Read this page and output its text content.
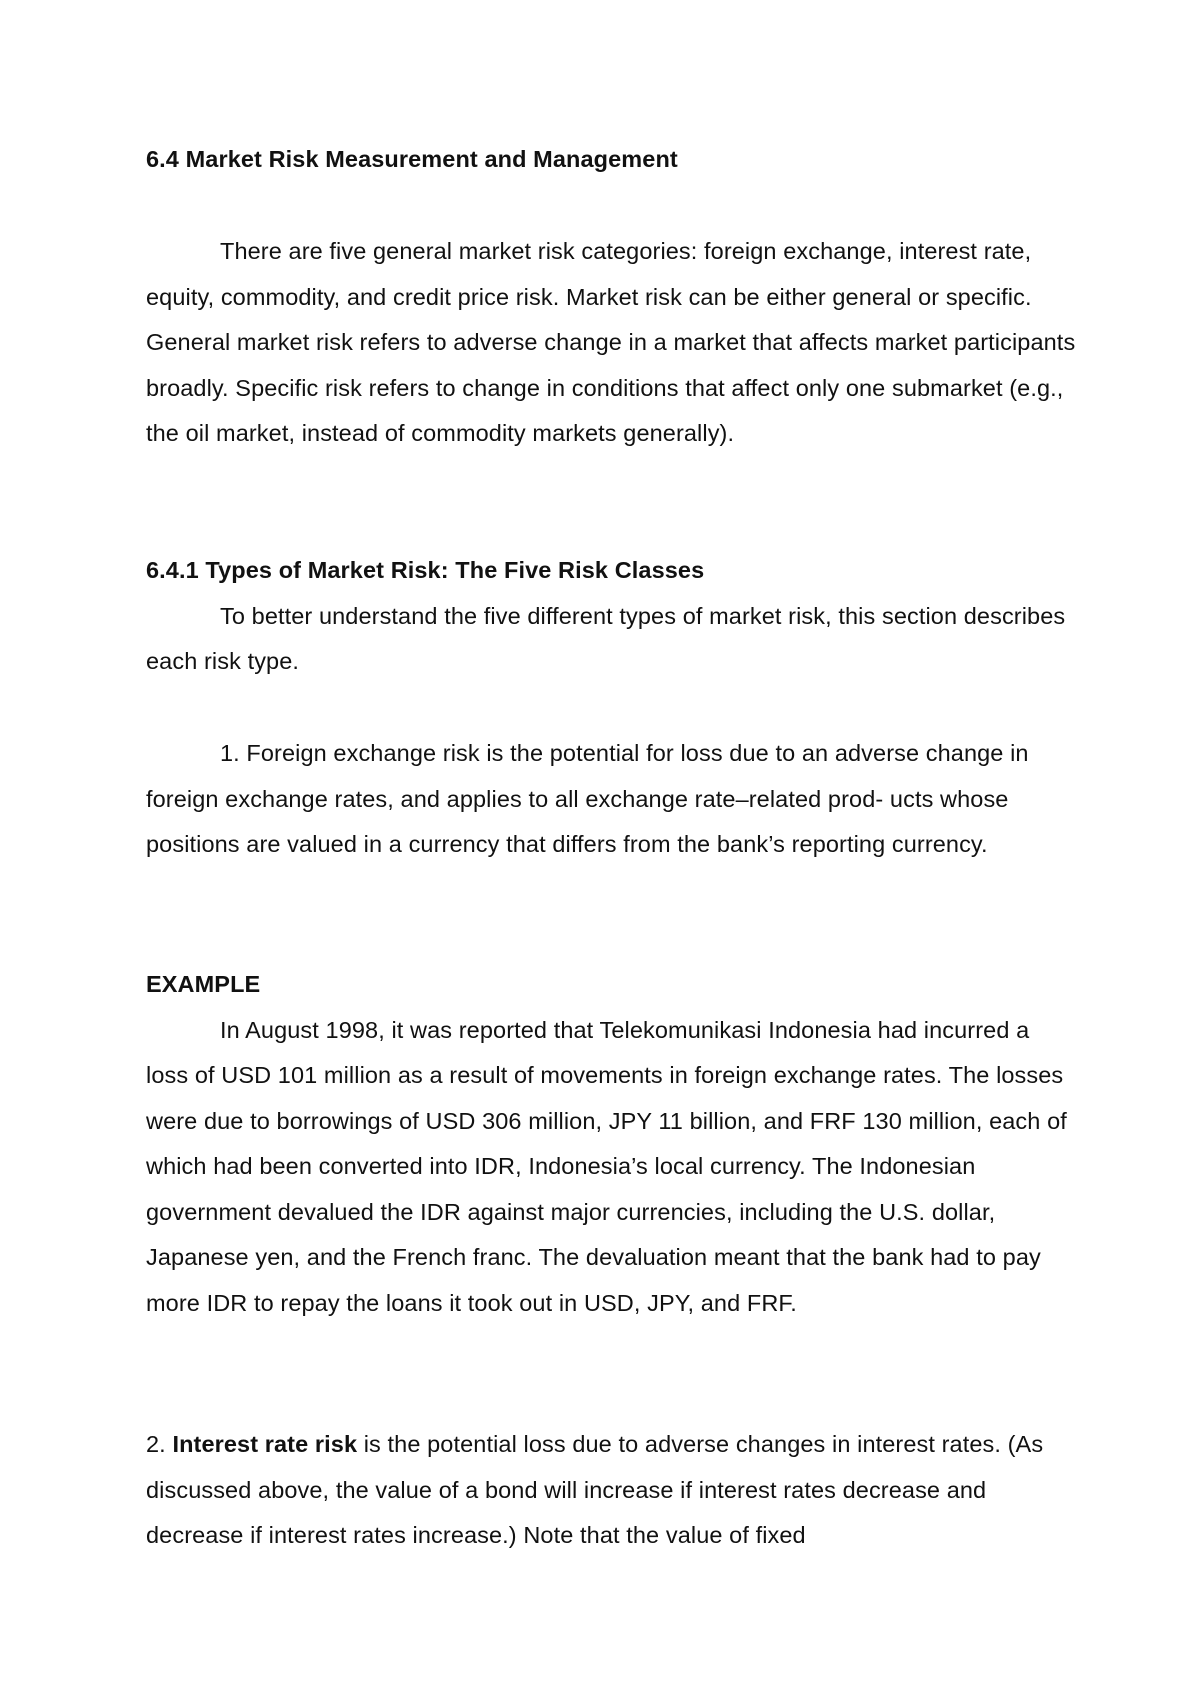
6.4 Market Risk Measurement and Management

There are five general market risk categories: foreign exchange, interest rate, equity, commodity, and credit price risk. Market risk can be either general or specific. General market risk refers to adverse change in a market that affects market participants broadly. Specific risk refers to change in conditions that affect only one submarket (e.g., the oil market, instead of commodity markets generally).

6.4.1 Types of Market Risk: The Five Risk Classes

To better understand the five different types of market risk, this section describes each risk type.

1. Foreign exchange risk is the potential for loss due to an adverse change in foreign exchange rates, and applies to all exchange rate–related prod- ucts whose positions are valued in a currency that differs from the bank’s reporting currency.

EXAMPLE

In August 1998, it was reported that Telekomunikasi Indonesia had incurred a loss of USD 101 million as a result of movements in foreign exchange rates. The losses were due to borrowings of USD 306 million, JPY 11 billion, and FRF 130 million, each of which had been converted into IDR, Indonesia’s local currency. The Indonesian government devalued the IDR against major currencies, including the U.S. dollar, Japanese yen, and the French franc. The devaluation meant that the bank had to pay more IDR to repay the loans it took out in USD, JPY, and FRF.

2. Interest rate risk is the potential loss due to adverse changes in interest rates. (As discussed above, the value of a bond will increase if interest rates decrease and decrease if interest rates increase.) Note that the value of fixed
